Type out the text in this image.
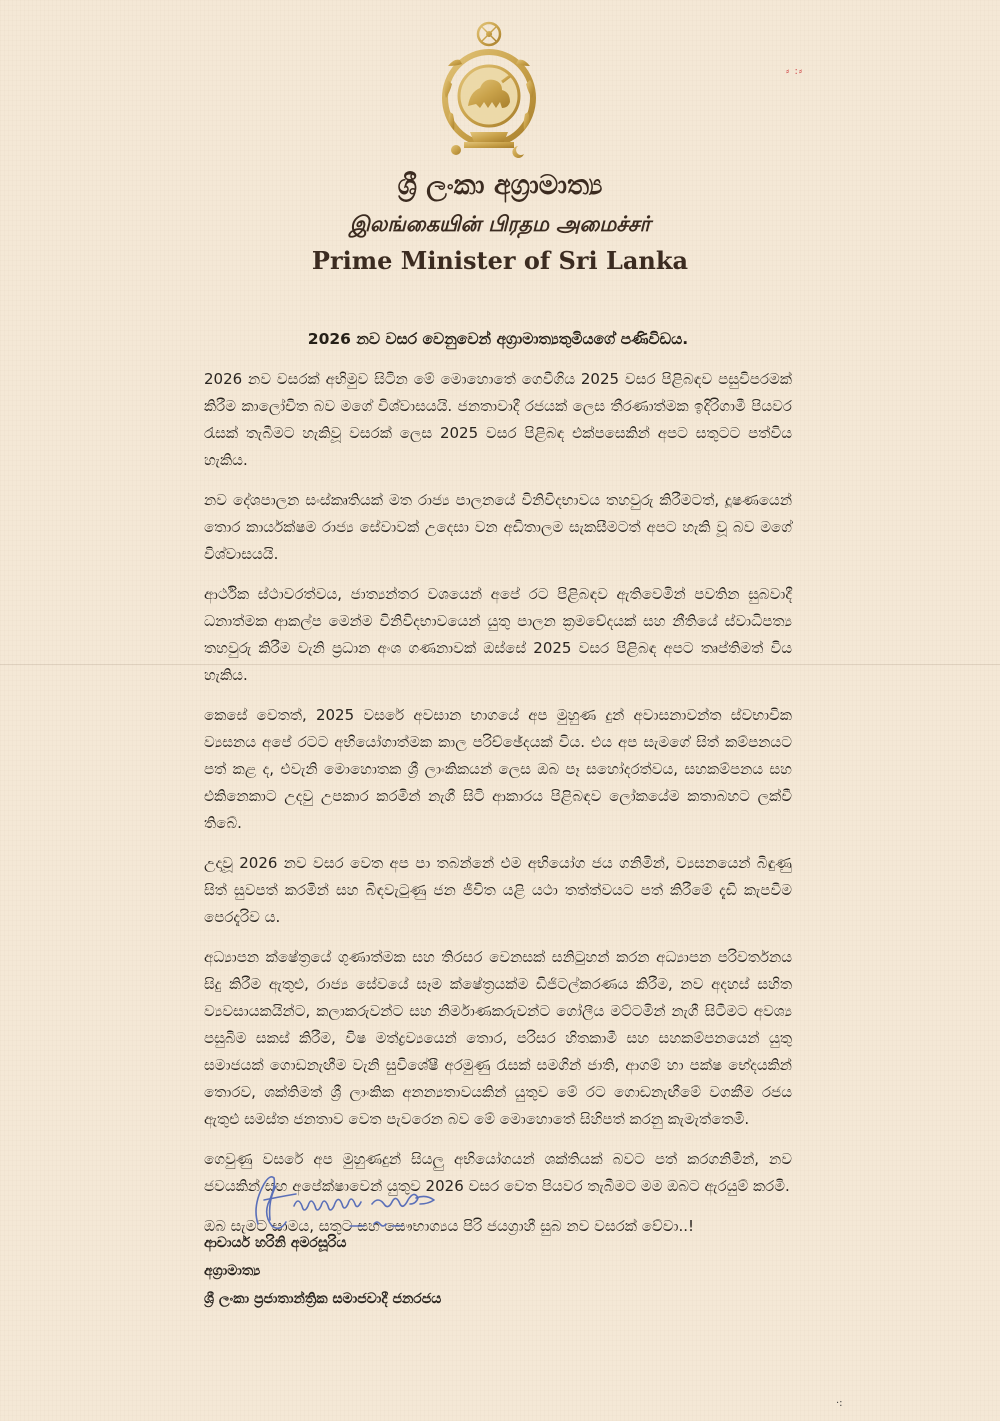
⸗ :⸗
ශ්‍රී ලංකා අග්‍රාමාත්‍ය
இலங்கையின் பிரதம அமைச்சர்
Prime Minister of Sri Lanka

2026 නව වසර වෙනුවෙන් අග්‍රාමාත්‍යතුමියගේ පණිවිඩය.

2026 නව වසරක් අභිමුව සිටින මේ මොහොතේ ගෙවීගිය 2025 වසර පිළිබඳව පසුවිපරමක් කිරීම කාලෝචිත බව මගේ විශ්වාසයයි. ජනතාවාදී රජයක් ලෙස තීරණාත්මක ඉදිරිගාමී පියවර රැසක් තැබීමට හැකිවූ වසරක් ලෙස 2025 වසර පිළිබඳ එක්පසෙකින් අපට සතුටට පත්විය හැකිය.

නව දේශපාලන සංස්කෘතියක් මත රාජ්‍ය පාලනයේ විනිවිදභාවය තහවුරු කිරීමටත්, දූෂණයෙන් තොර කාර්යක්ෂම රාජ්‍ය සේවාවක් උදෙසා වන අඩිතාලම සැකසීමටත් අපට හැකි වූ බව මගේ විශ්වාසයයි.

ආර්ථික ස්ථාවරත්වය, ජාත්‍යන්තර වශයෙන් අපේ රට පිළිබඳව ඇතිවෙමින් පවතින සුබවාදී ධනාත්මක ආකල්ප මෙන්ම විනිවිදභාවයෙන් යුතු පාලන ක්‍රමවේදයක් සහ නීතියේ ස්වාධිපත්‍ය තහවුරු කිරීම වැනි ප්‍රධාන අංශ ගණනාවක් ඔස්සේ 2025 වසර පිළිබඳ අපට තෘප්තිමත් විය හැකිය.

කෙසේ වෙතත්, 2025 වසරේ අවසාන භාගයේ අප මුහුණ දුන් අවාසනාවන්ත ස්වභාවික ව්‍යසනය අපේ රටට අභියෝගාත්මක කාල පරිච්ඡේදයක් විය. එය අප සැමගේ සිත් කම්පනයට පත් කළ ද, එවැනි මොහොතක ශ්‍රී ලාංකිකයන් ලෙස ඔබ පෑ සහෝදරත්වය, සහකම්පනය සහ එකිනෙකාට උදවු උපකාර කරමින් නැගී සිටි ආකාරය පිළිබඳව ලෝකයේම කතාබහට ලක්වී තිබේ.

උදාවූ 2026 නව වසර වෙත අප පා තබන්නේ එම අභියෝග ජය ගනිමින්, ව්‍යසනයෙන් බිඳුණු සිත් සුවපත් කරමින් සහ බිඳවැටුණු ජන ජීවිත යළි යථා තත්ත්වයට පත් කිරීමේ දැඩි කැපවීම පෙරදැරිව ය.

අධ්‍යාපන ක්ෂේත්‍රයේ ගුණාත්මක සහ තිරසර වෙනසක් සනිටුහන් කරන අධ්‍යාපන පරිවර්තනය සිදු කිරීම ඇතුළු, රාජ්‍ය සේවයේ සෑම ක්ෂේත්‍රයක්ම ඩිජිටල්කරණය කිරීම, නව අදහස් සහිත ව්‍යවසායකයින්ට, කලාකරුවන්ට සහ නිර්මාණකරුවන්ට ගෝලීය මට්ටමින් නැගී සිටීමට අවශ්‍ය පසුබිම සකස් කිරීම, විෂ මත්ද්‍රව්‍යයෙන් තොර, පරිසර හිතකාමී සහ සහකම්පනයෙන් යුතු සමාජයක් ගොඩනැඟීම වැනි සුවිශේෂී අරමුණු රැසක් සමගින් ජාති, ආගම් හා පක්ෂ භේදයකින් තොරව, ශක්තිමත් ශ්‍රී ලාංකික අනන්‍යතාවයකින් යුතුව මේ රට ගොඩනැඟීමේ වගකීම රජය ඇතුළු සමස්ත ජනතාව වෙත පැවරෙන බව මේ මොහොතේ සිහිපත් කරනු කැමැත්තෙමි.

ගෙවුණු වසරේ අප මුහුණදුන් සියලු අභියෝගයන් ශක්තියක් බවට පත් කරගනිමින්, නව ජවයකින් සහ අපේක්ෂාවෙන් යුතුව 2026 වසර වෙත පියවර තැබීමට මම ඔබට ඇරයුම් කරමි.

ඔබ සැමට සාමය, සතුට සහ සෞභාග්‍යය පිරි ජයග්‍රාහී සුබ නව වසරක් වේවා..!

ආචාර්ය හරිනි අමරසූරිය
අග්‍රාමාත්‍ය
ශ්‍රී ලංකා ප්‍රජාතාන්ත්‍රික සමාජවාදී ජනරජය
·:
